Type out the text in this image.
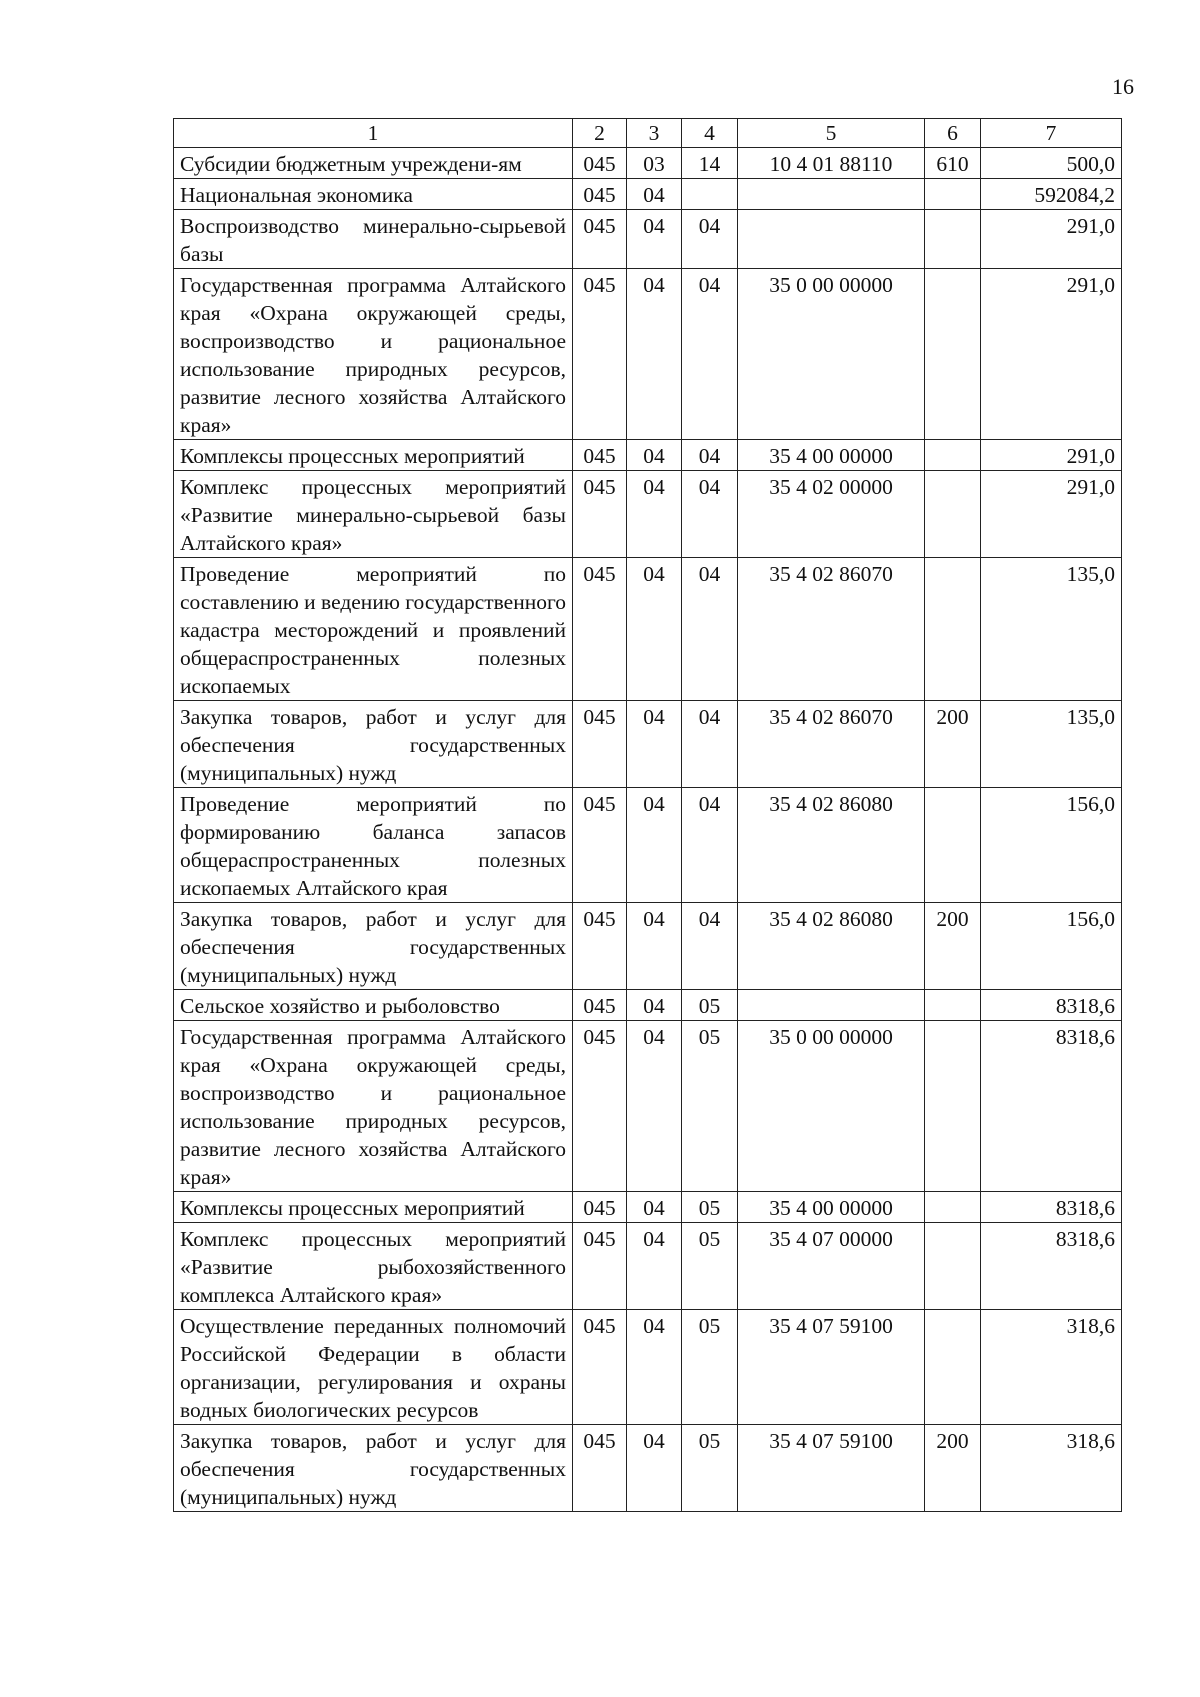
16
1	2	3	4	5	6	7
Субсидии бюджетным учреждени-ям	045	03	14	10 4 01 88110	610	500,0
Национальная экономика	045	04				592084,2
Воспроизводство минерально-сырьевой базы	045	04	04			291,0
Государственная программа Алтайского края «Охрана окружающей среды, воспроизводство и рациональное использование природных ресурсов, развитие лесного хозяйства Алтайского края»	045	04	04	35 0 00 00000		291,0
Комплексы процессных мероприятий	045	04	04	35 4 00 00000		291,0
Комплекс процессных мероприятий «Развитие минерально-сырьевой базы Алтайского края»	045	04	04	35 4 02 00000		291,0
Проведение мероприятий по составлению и ведению государственного кадастра месторождений и проявлений общераспространенных полезных ископаемых	045	04	04	35 4 02 86070		135,0
Закупка товаров, работ и услуг для обеспечения государственных (муниципальных) нужд	045	04	04	35 4 02 86070	200	135,0
Проведение мероприятий по формированию баланса запасов общераспространенных полезных ископаемых Алтайского края	045	04	04	35 4 02 86080		156,0
Закупка товаров, работ и услуг для обеспечения государственных (муниципальных) нужд	045	04	04	35 4 02 86080	200	156,0
Сельское хозяйство и рыболовство	045	04	05			8318,6
Государственная программа Алтайского края «Охрана окружающей среды, воспроизводство и рациональное использование природных ресурсов, развитие лесного хозяйства Алтайского края»	045	04	05	35 0 00 00000		8318,6
Комплексы процессных мероприятий	045	04	05	35 4 00 00000		8318,6
Комплекс процессных мероприятий «Развитие рыбохозяйственного комплекса Алтайского края»	045	04	05	35 4 07 00000		8318,6
Осуществление переданных полномочий Российской Федерации в области организации, регулирования и охраны водных биологических ресурсов	045	04	05	35 4 07 59100		318,6
Закупка товаров, работ и услуг для обеспечения государственных (муниципальных) нужд	045	04	05	35 4 07 59100	200	318,6
